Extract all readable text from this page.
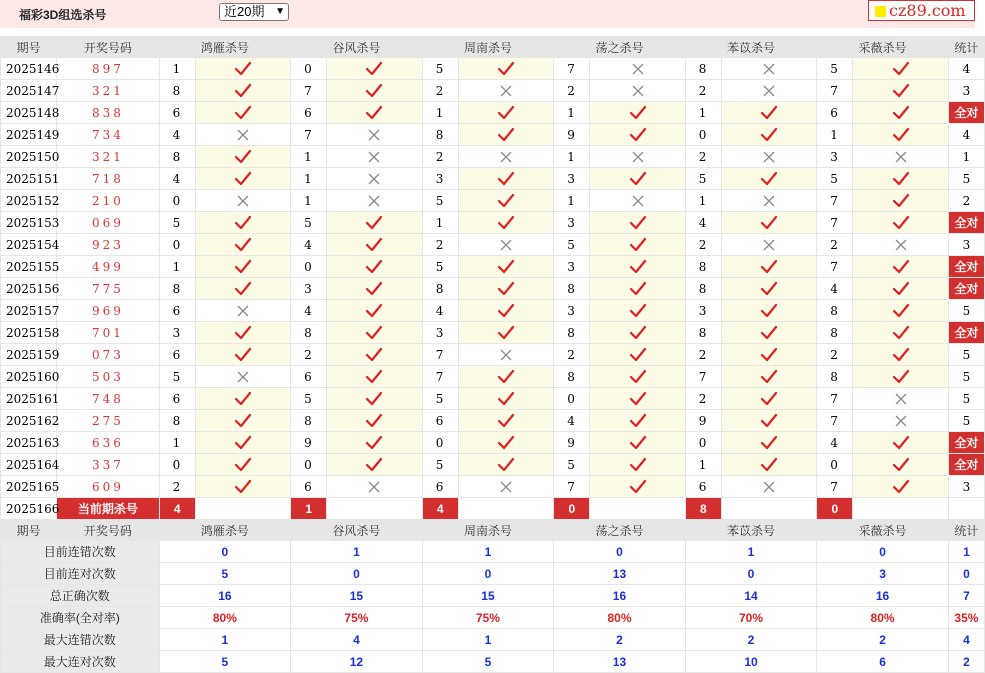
福彩3D组选杀号	近20期 ▼	cz89.com
期号	开奖号码	鸿雁杀号		谷风杀号		周南杀号		荡之杀号		苯苡杀号		采薇杀号		统计
2025146	897	1		0		5		7		8		5		4
2025147	321	8		7		2		2		2		7		3
2025148	838	6		6		1		1		1		6		全对
2025149	734	4		7		8		9		0		1		4
2025150	321	8		1		2		1		2		3		1
2025151	718	4		1		3		3		5		5		5
2025152	210	0		1		5		1		1		7		2
2025153	069	5		5		1		3		4		7		全对
2025154	923	0		4		2		5		2		2		3
2025155	499	1		0		5		3		8		7		全对
2025156	775	8		3		8		8		8		4		全对
2025157	969	6		4		4		3		3		8		5
2025158	701	3		8		3		8		8		8		全对
2025159	073	6		2		7		2		2		2		5
2025160	503	5		6		7		8		7		8		5
2025161	748	6		5		5		0		2		7		5
2025162	275	8		8		6		4		9		7		5
2025163	636	1		9		0		9		0		4		全对
2025164	337	0		0		5		5		1		0		全对
2025165	609	2		6		6		7		6		7		3
2025166	当前期杀号	4		1		4		0		8		0		
期号	开奖号码	鸿雁杀号		谷风杀号		周南杀号		荡之杀号		苯苡杀号		采薇杀号		统计
目前连错次数		0		1		1		0		1		0		1
目前连对次数		5		0		0		13		0		3		0
总正确次数		16		15		15		16		14		16		7
准确率(全对率)		80%		75%		75%		80%		70%		80%		35%
最大连错次数		1		4		1		2		2		2		4
最大连对次数		5		12		5		13		10		6		2
